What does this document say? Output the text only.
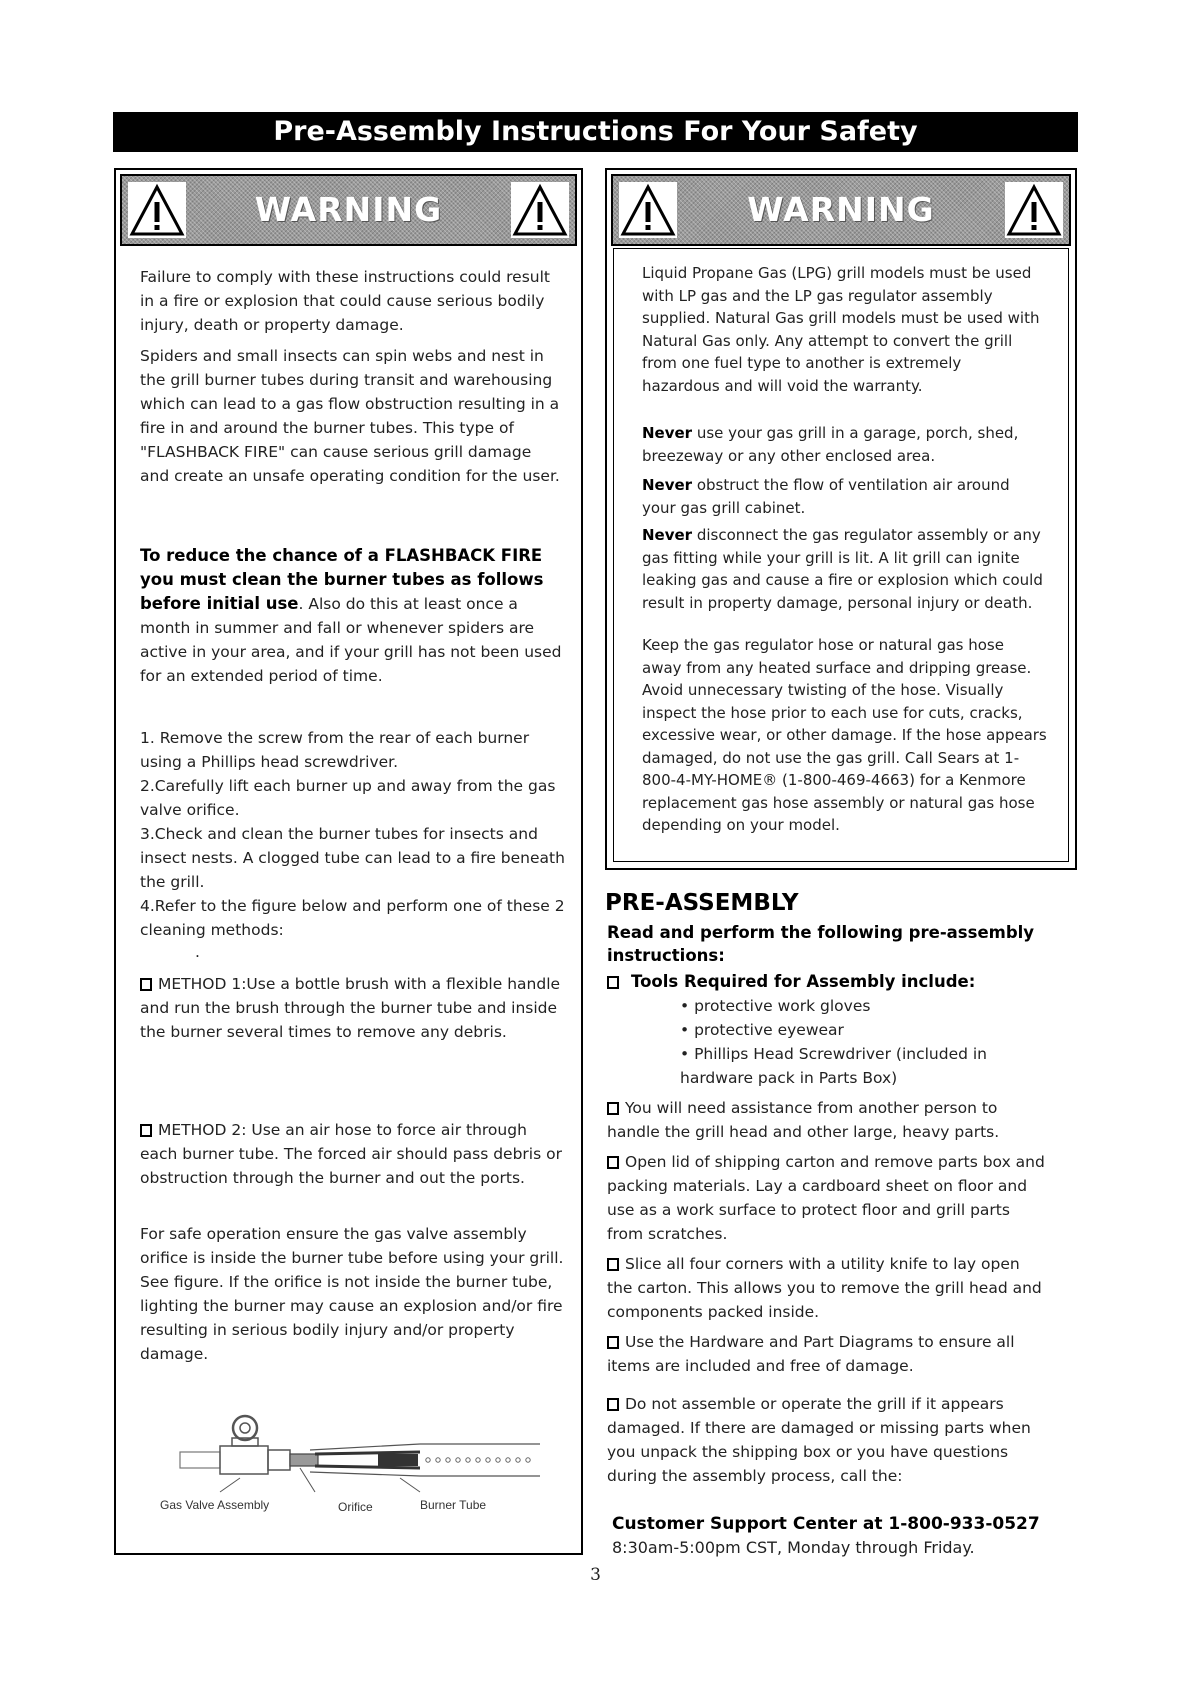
Pre-Assembly Instructions For Your Safety
WARNING

Failure to comply with these instructions could result in a fire or explosion that could cause serious bodily injury, death or property damage.

Spiders and small insects can spin webs and nest in the grill burner tubes during transit and warehousing which can lead to a gas flow obstruction resulting in a fire in and around the burner tubes. This type of "FLASHBACK FIRE" can cause serious grill damage and create an unsafe operating condition for the user.

To reduce the chance of a FLASHBACK FIRE you must clean the burner tubes as follows before initial use. Also do this at least once a month in summer and fall or whenever spiders are active in your area, and if your grill has not been used for an extended period of time.

1. Remove the screw from the rear of each burner using a Phillips head screwdriver.

2.Carefully lift each burner up and away from the gas valve orifice.

3.Check and clean the burner tubes for insects and insect nests. A clogged tube can lead to a fire beneath the grill.

4.Refer to the figure below and perform one of these 2 cleaning methods:

.

METHOD 1:Use a bottle brush with a flexible handle and run the brush through the burner tube and inside the burner several times to remove any debris.

METHOD 2: Use an air hose to force air through each burner tube. The forced air should pass debris or obstruction through the burner and out the ports.

For safe operation ensure the gas valve assembly orifice is inside the burner tube before using your grill. See figure. If the orifice is not inside the burner tube, lighting the burner may cause an explosion and/or fire resulting in serious bodily injury and/or property damage.

Gas Valve Assembly	Orifice	Burner Tube
WARNING

Liquid Propane Gas (LPG) grill models must be used with LP gas and the LP gas regulator assembly supplied. Natural Gas grill models must be used with Natural Gas only. Any attempt to convert the grill from one fuel type to another is extremely hazardous and will void the warranty.

Never use your gas grill in a garage, porch, shed, breezeway or any other enclosed area.

Never obstruct the flow of ventilation air around your gas grill cabinet.

Never disconnect the gas regulator assembly or any gas fitting while your grill is lit. A lit grill can ignite leaking gas and cause a fire or explosion which could result in property damage, personal injury or death.

Keep the gas regulator hose or natural gas hose away from any heated surface and dripping grease. Avoid unnecessary twisting of the hose. Visually inspect the hose prior to each use for cuts, cracks, excessive wear, or other damage. If the hose appears damaged, do not use the gas grill. Call Sears at 1-800-4-MY-HOME® (1-800-469-4663) for a Kenmore replacement gas hose assembly or natural gas hose depending on your model.

PRE-ASSEMBLY

Read and perform the following pre-assembly instructions:

Tools Required for Assembly include:

• protective work gloves

• protective eyewear

• Phillips Head Screwdriver (included in hardware pack in Parts Box)

You will need assistance from another person to handle the grill head and other large, heavy parts.

Open lid of shipping carton and remove parts box and packing materials. Lay a cardboard sheet on floor and use as a work surface to protect floor and grill parts from scratches.

Slice all four corners with a utility knife to lay open the carton. This allows you to remove the grill head and components packed inside.

Use the Hardware and Part Diagrams to ensure all items are included and free of damage.

Do not assemble or operate the grill if it appears damaged. If there are damaged or missing parts when you unpack the shipping box or you have questions during the assembly process, call the:

Customer Support Center at 1-800-933-0527

8:30am-5:00pm CST, Monday through Friday.

3
